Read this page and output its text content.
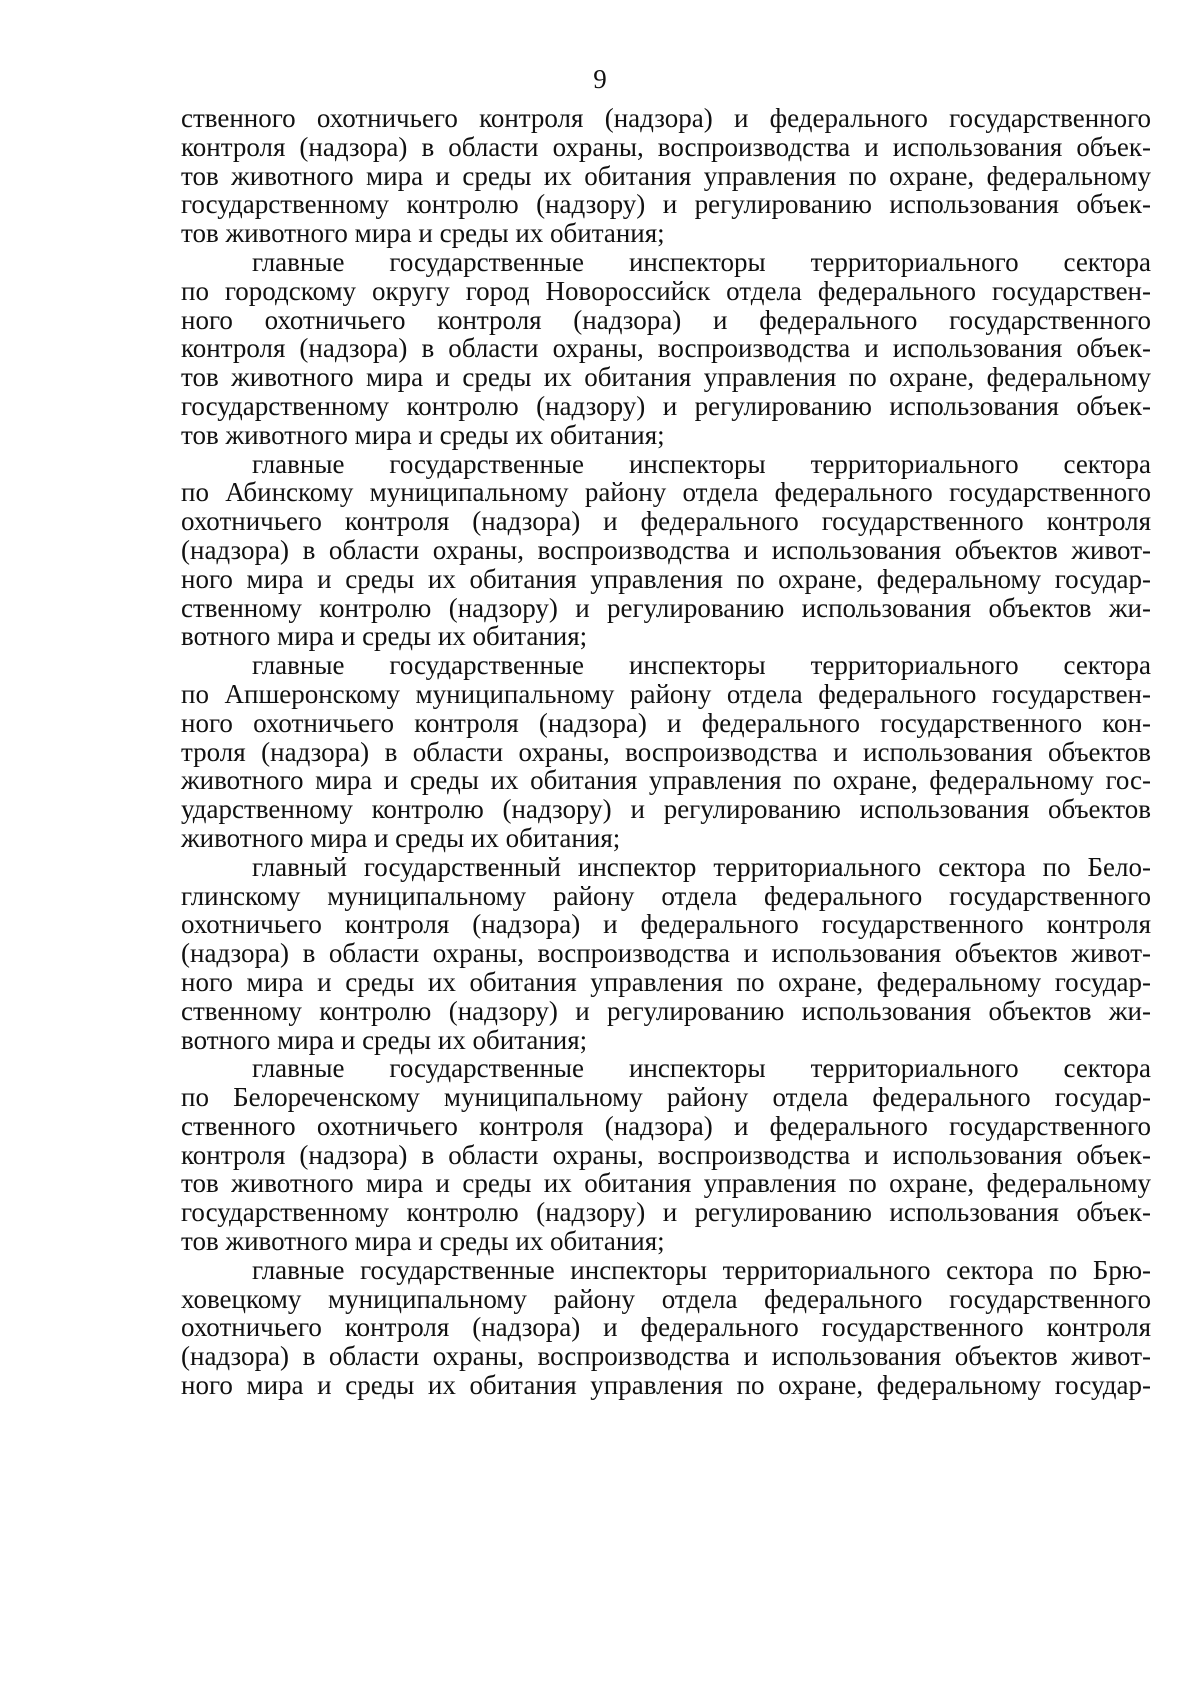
9
ственного охотничьего контроля (надзора) и федерального государственного
контроля (надзора) в области охраны, воспроизводства и использования объек-
тов животного мира и среды их обитания управления по охране, федеральному
государственному контролю (надзору) и регулированию использования объек-
тов животного мира и среды их обитания;
главные государственные инспекторы территориального сектора
по городскому округу город Новороссийск отдела федерального государствен-
ного охотничьего контроля (надзора) и федерального государственного
контроля (надзора) в области охраны, воспроизводства и использования объек-
тов животного мира и среды их обитания управления по охране, федеральному
государственному контролю (надзору) и регулированию использования объек-
тов животного мира и среды их обитания;
главные государственные инспекторы территориального сектора
по Абинскому муниципальному району отдела федерального государственного
охотничьего контроля (надзора) и федерального государственного контроля
(надзора) в области охраны, воспроизводства и использования объектов живот-
ного мира и среды их обитания управления по охране, федеральному государ-
ственному контролю (надзору) и регулированию использования объектов жи-
вотного мира и среды их обитания;
главные государственные инспекторы территориального сектора
по Апшеронскому муниципальному району отдела федерального государствен-
ного охотничьего контроля (надзора) и федерального государственного кон-
троля (надзора) в области охраны, воспроизводства и использования объектов
животного мира и среды их обитания управления по охране, федеральному гос-
ударственному контролю (надзору) и регулированию использования объектов
животного мира и среды их обитания;
главный государственный инспектор территориального сектора по Бело-
глинскому муниципальному району отдела федерального государственного
охотничьего контроля (надзора) и федерального государственного контроля
(надзора) в области охраны, воспроизводства и использования объектов живот-
ного мира и среды их обитания управления по охране, федеральному государ-
ственному контролю (надзору) и регулированию использования объектов жи-
вотного мира и среды их обитания;
главные государственные инспекторы территориального сектора
по Белореченскому муниципальному району отдела федерального государ-
ственного охотничьего контроля (надзора) и федерального государственного
контроля (надзора) в области охраны, воспроизводства и использования объек-
тов животного мира и среды их обитания управления по охране, федеральному
государственному контролю (надзору) и регулированию использования объек-
тов животного мира и среды их обитания;
главные государственные инспекторы территориального сектора по Брю-
ховецкому муниципальному району отдела федерального государственного
охотничьего контроля (надзора) и федерального государственного контроля
(надзора) в области охраны, воспроизводства и использования объектов живот-
ного мира и среды их обитания управления по охране, федеральному государ-
